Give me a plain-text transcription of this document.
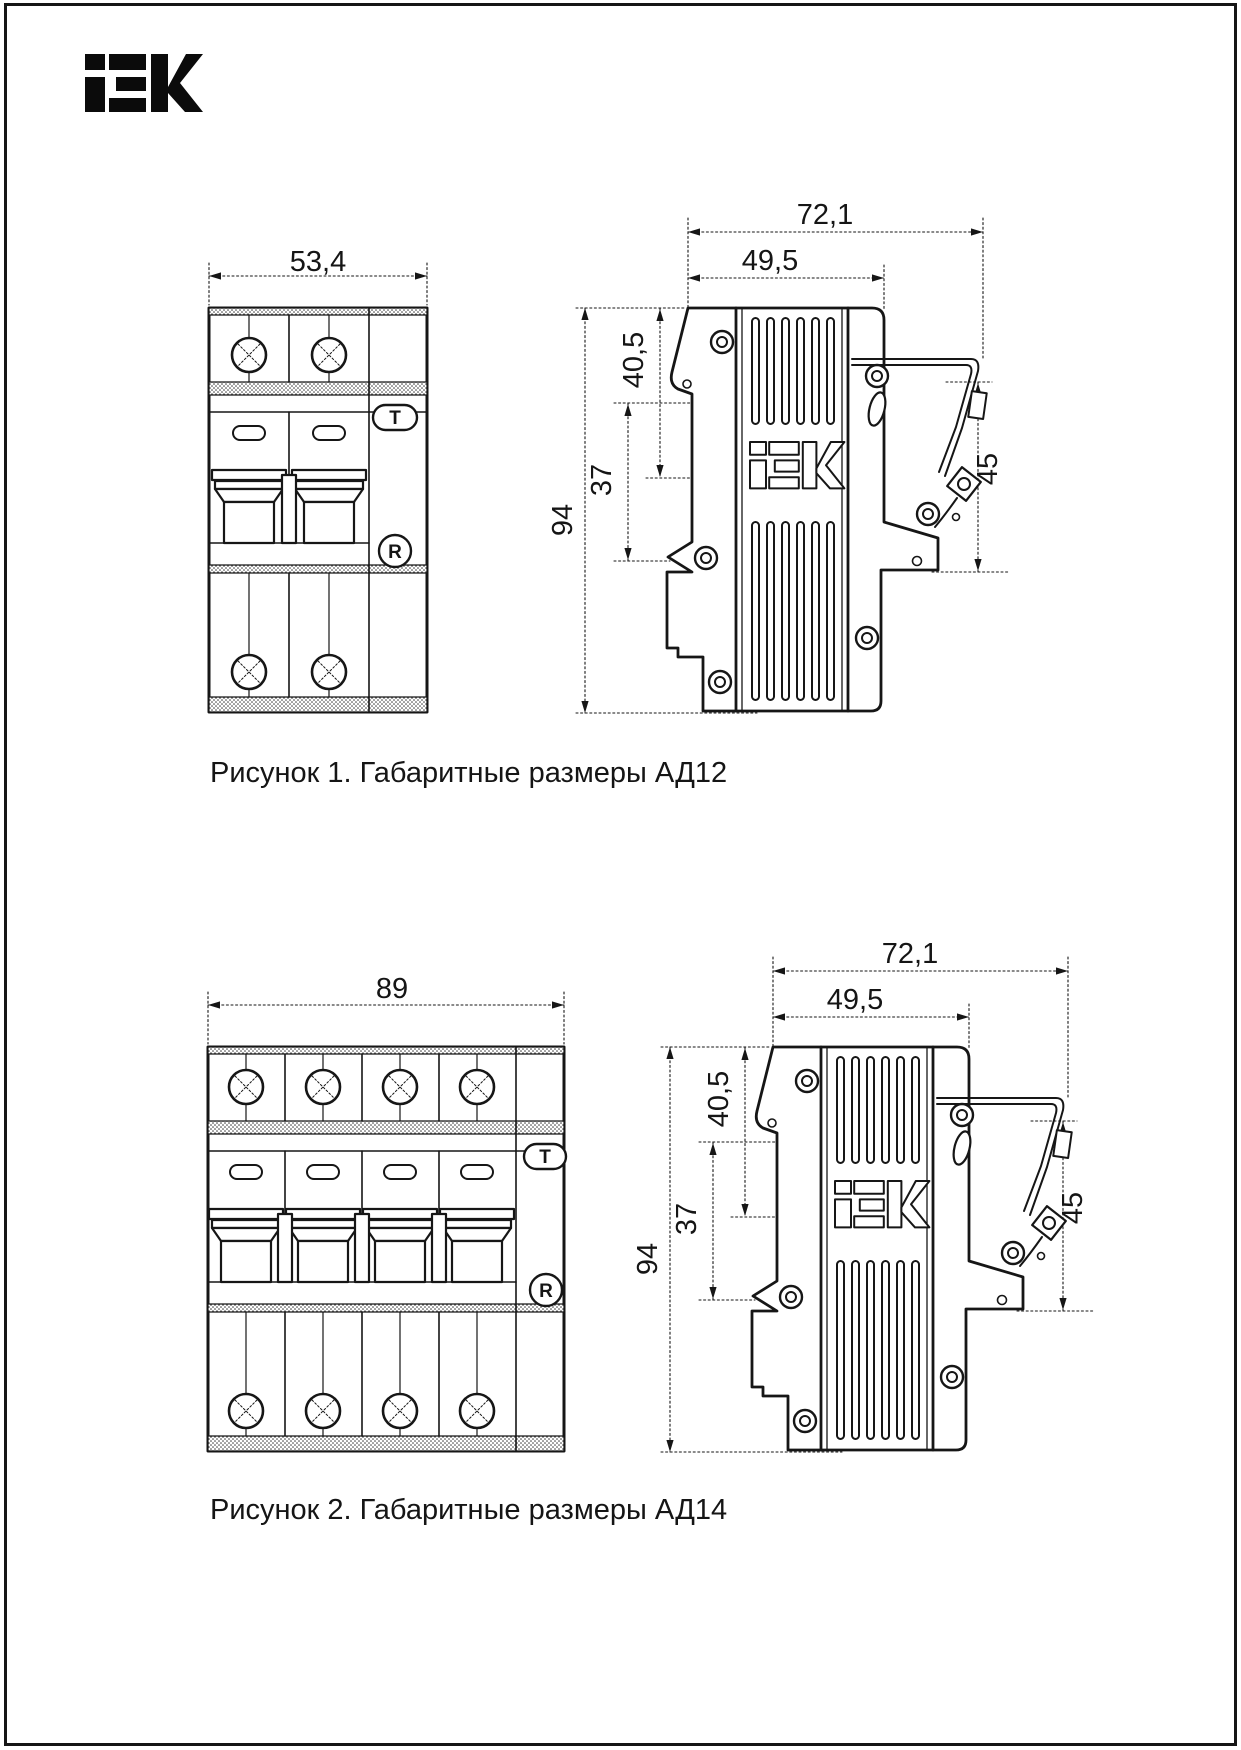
T
R
53,4
72,1
49,5
94
40,5
37	45
Рисунок 1. Габаритные размеры АД12
T
R
89
72,1
49,5
94
40,5
37	45
Рисунок 2. Габаритные размеры АД14
